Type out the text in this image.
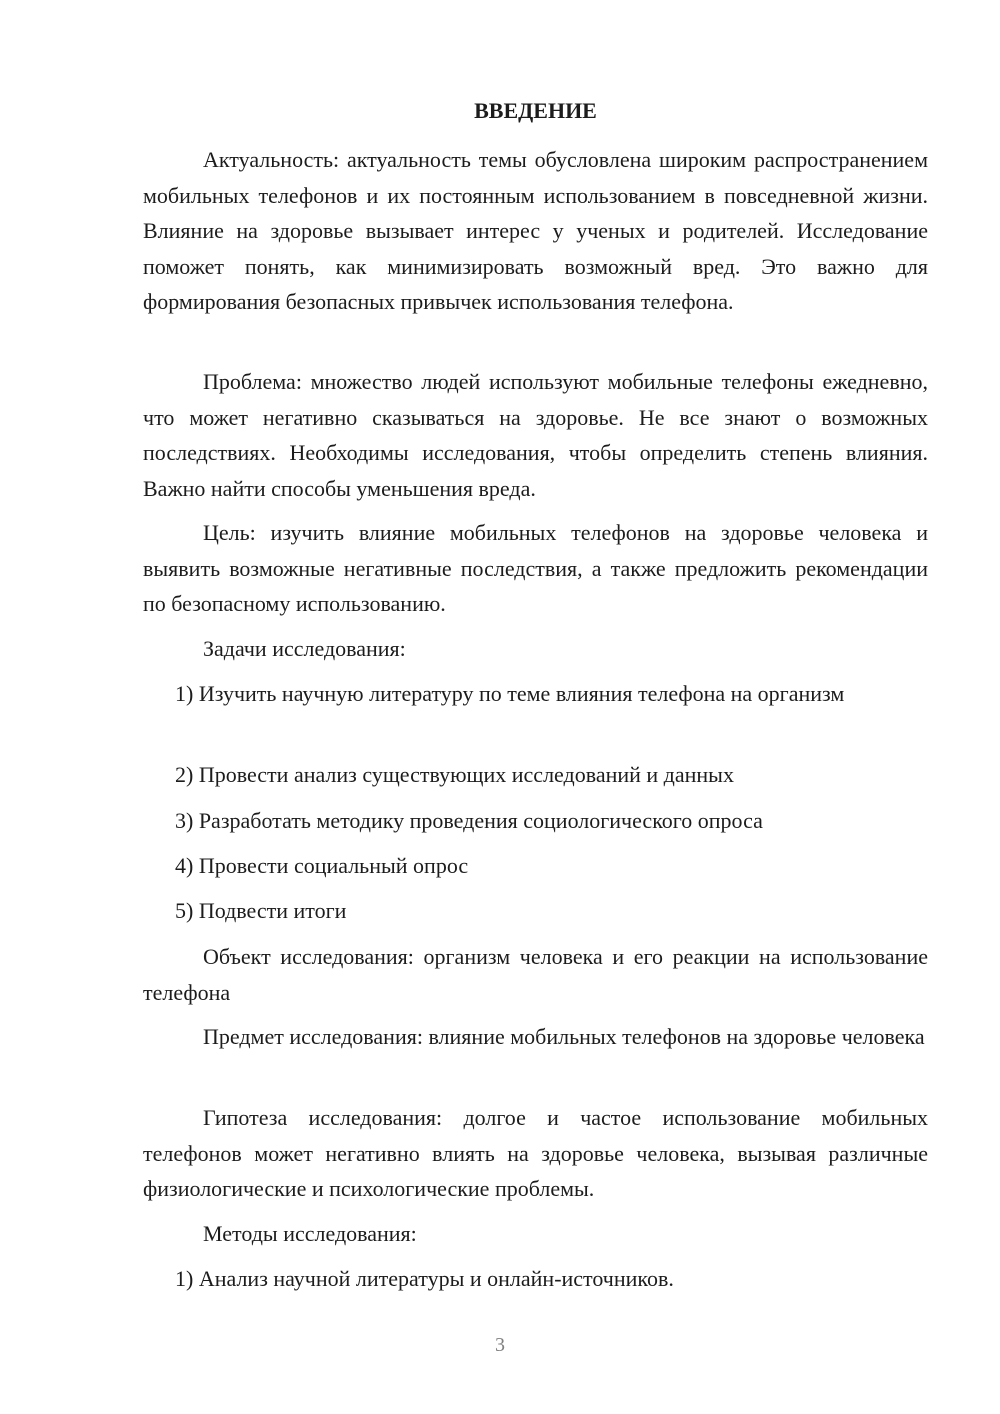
ВВЕДЕНИЕ

Актуальность: актуальность темы обусловлена широким распространением мобильных телефонов и их постоянным использованием в повседневной жизни. Влияние на здоровье вызывает интерес у ученых и родителей. Исследование поможет понять, как минимизировать возможный вред. Это важно для формирования безопасных привычек использования телефона.

Проблема: множество людей используют мобильные телефоны ежедневно, что может негативно сказываться на здоровье. Не все знают о возможных последствиях. Необходимы исследования, чтобы определить степень влияния. Важно найти способы уменьшения вреда.

Цель: изучить влияние мобильных телефонов на здоровье человека и выявить возможные негативные последствия, а также предложить рекомендации по безопасному использованию.

Задачи исследования:

1) Изучить научную литературу по теме влияния телефона на организм

2) Провести анализ существующих исследований и данных

3) Разработать методику проведения социологического опроса

4) Провести социальный опрос

5) Подвести итоги

Объект исследования: организм человека и его реакции на использование телефона

Предмет исследования: влияние мобильных телефонов на здоровье человека

Гипотеза исследования: долгое и частое использование мобильных телефонов может негативно влиять на здоровье человека, вызывая различные физиологические и психологические проблемы.

Методы исследования:

1) Анализ научной литературы и онлайн-источников.

3
